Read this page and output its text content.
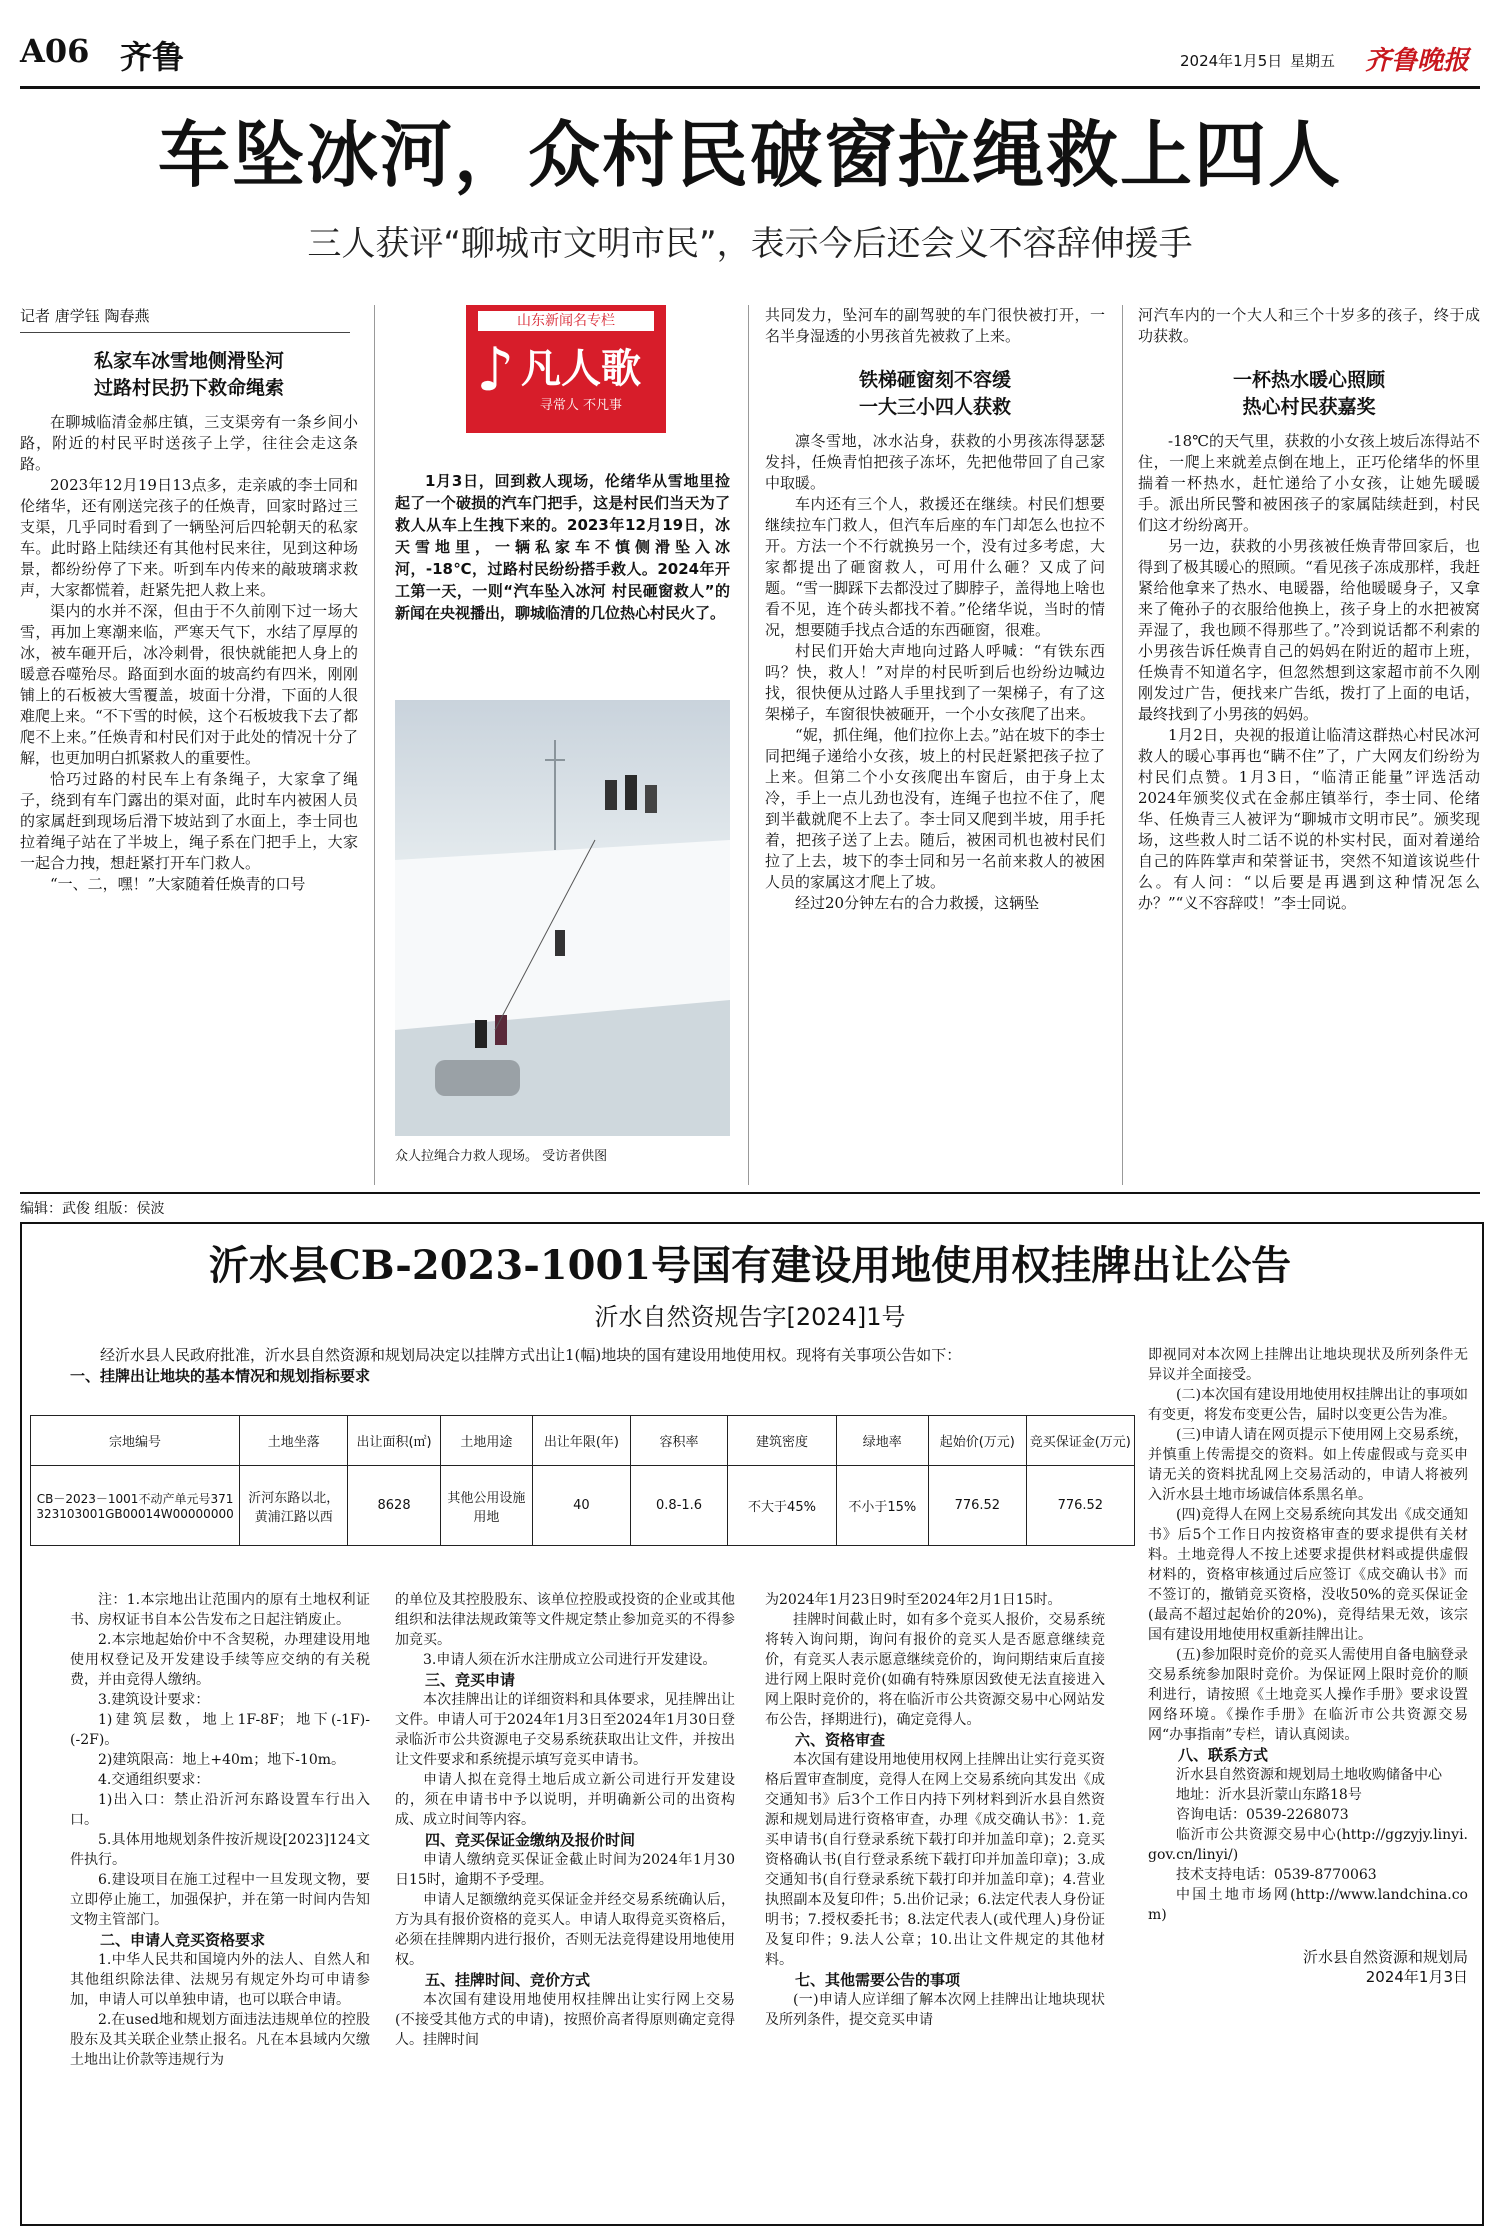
A06 齐鲁	2024年1月5日 星期五 齐鲁晚报
车坠冰河，众村民破窗拉绳救上四人
三人获评“聊城市文明市民”，表示今后还会义不容辞伸援手
记者 唐学钰 陶春燕
私家车冰雪地侧滑坠河
过路村民扔下救命绳索

在聊城临清金郝庄镇，三支渠旁有一条乡间小路，附近的村民平时送孩子上学，往往会走这条路。

2023年12月19日13点多，走亲戚的李士同和伦绪华，还有刚送完孩子的任焕青，回家时路过三支渠，几乎同时看到了一辆坠河后四轮朝天的私家车。此时路上陆续还有其他村民来往，见到这种场景，都纷纷停了下来。听到车内传来的敲玻璃求救声，大家都慌着，赶紧先把人救上来。

渠内的水并不深，但由于不久前刚下过一场大雪，再加上寒潮来临，严寒天气下，水结了厚厚的冰，被车砸开后，冰冷刺骨，很快就能把人身上的暖意吞噬殆尽。路面到水面的坡高约有四米，刚刚铺上的石板被大雪覆盖，坡面十分滑，下面的人很难爬上来。“不下雪的时候，这个石板坡我下去了都爬不上来。”任焕青和村民们对于此处的情况十分了解，也更加明白抓紧救人的重要性。

恰巧过路的村民车上有条绳子，大家拿了绳子，绕到有车门露出的渠对面，此时车内被困人员的家属赶到现场后滑下坡站到了水面上，李士同也拉着绳子站在了半坡上，绳子系在门把手上，大家一起合力拽，想赶紧打开车门救人。

“一、二，嘿！”大家随着任焕青的口号

山东新闻名专栏
♪ 凡人歌
寻常人 不凡事

1月3日，回到救人现场，伦绪华从雪地里捡起了一个破损的汽车门把手，这是村民们当天为了救人从车上生拽下来的。2023年12月19日，冰天雪地里，一辆私家车不慎侧滑坠入冰河，-18℃，过路村民纷纷搭手救人。2024年开工第一天，一则“汽车坠入冰河 村民砸窗救人”的新闻在央视播出，聊城临清的几位热心村民火了。

众人拉绳合力救人现场。 受访者供图

共同发力，坠河车的副驾驶的车门很快被打开，一名半身湿透的小男孩首先被救了上来。

铁梯砸窗刻不容缓
一大三小四人获救

凛冬雪地，冰水沾身，获救的小男孩冻得瑟瑟发抖，任焕青怕把孩子冻坏，先把他带回了自己家中取暖。

车内还有三个人，救援还在继续。村民们想要继续拉车门救人，但汽车后座的车门却怎么也拉不开。方法一个不行就换另一个，没有过多考虑，大家都提出了砸窗救人，可用什么砸？又成了问题。“雪一脚踩下去都没过了脚脖子，盖得地上啥也看不见，连个砖头都找不着。”伦绪华说，当时的情况，想要随手找点合适的东西砸窗，很难。

村民们开始大声地向过路人呼喊：“有铁东西吗？快，救人！”对岸的村民听到后也纷纷边喊边找，很快便从过路人手里找到了一架梯子，有了这架梯子，车窗很快被砸开，一个小女孩爬了出来。

“妮，抓住绳，他们拉你上去。”站在坡下的李士同把绳子递给小女孩，坡上的村民赶紧把孩子拉了上来。但第二个小女孩爬出车窗后，由于身上太冷，手上一点儿劲也没有，连绳子也拉不住了，爬到半截就爬不上去了。李士同又爬到半坡，用手托着，把孩子送了上去。随后，被困司机也被村民们拉了上去，坡下的李士同和另一名前来救人的被困人员的家属这才爬上了坡。

经过20分钟左右的合力救援，这辆坠

河汽车内的一个大人和三个十岁多的孩子，终于成功获救。

一杯热水暖心照顾
热心村民获嘉奖

-18℃的天气里，获救的小女孩上坡后冻得站不住，一爬上来就差点倒在地上，正巧伦绪华的怀里揣着一杯热水，赶忙递给了小女孩，让她先暖暖手。派出所民警和被困孩子的家属陆续赶到，村民们这才纷纷离开。

另一边，获救的小男孩被任焕青带回家后，也得到了极其暖心的照顾。“看见孩子冻成那样，我赶紧给他拿来了热水、电暖器，给他暖暖身子，又拿来了俺孙子的衣服给他换上，孩子身上的水把被窝弄湿了，我也顾不得那些了。”冷到说话都不利索的小男孩告诉任焕青自己的妈妈在附近的超市上班，任焕青不知道名字，但忽然想到这家超市前不久刚刚发过广告，便找来广告纸，拨打了上面的电话，最终找到了小男孩的妈妈。

1月2日，央视的报道让临清这群热心村民冰河救人的暖心事再也“瞒不住”了，广大网友们纷纷为村民们点赞。1月3日，“临清正能量”评选活动2024年颁奖仪式在金郝庄镇举行，李士同、伦绪华、任焕青三人被评为“聊城市文明市民”。颁奖现场，这些救人时二话不说的朴实村民，面对着递给自己的阵阵掌声和荣誉证书，突然不知道该说些什么。有人问：“以后要是再遇到这种情况怎么办？”“义不容辞哎！”李士同说。

编辑：武俊 组版：侯波
沂水县CB-2023-1001号国有建设用地使用权挂牌出让公告
沂水自然资规告字[2024]1号

经沂水县人民政府批准，沂水县自然资源和规划局决定以挂牌方式出让1(幅)地块的国有建设用地使用权。现将有关事项公告如下：

一、挂牌出让地块的基本情况和规划指标要求
宗地编号	土地坐落	出让面积(㎡)	土地用途	出让年限(年)	容积率	建筑密度	绿地率	起始价(万元)	竞买保证金(万元)
CB－2023－1001不动产单元号371323103001GB00014W00000000	沂河东路以北，黄浦江路以西	8628	其他公用设施用地	40	0.8-1.6	不大于45%	不小于15%	776.52	776.52

即视同对本次网上挂牌出让地块现状及所列条件无异议并全面接受。

(二)本次国有建设用地使用权挂牌出让的事项如有变更，将发布变更公告，届时以变更公告为准。

(三)申请人请在网页提示下使用网上交易系统，并慎重上传需提交的资料。如上传虚假或与竞买申请无关的资料扰乱网上交易活动的，申请人将被列入沂水县土地市场诚信体系黑名单。

(四)竞得人在网上交易系统向其发出《成交通知书》后5个工作日内按资格审查的要求提供有关材料。土地竞得人不按上述要求提供材料或提供虚假材料的，资格审核通过后应签订《成交确认书》而不签订的，撤销竞买资格，没收50%的竞买保证金(最高不超过起始价的20%)，竞得结果无效，该宗国有建设用地使用权重新挂牌出让。

(五)参加限时竞价的竞买人需使用自备电脑登录交易系统参加限时竞价。为保证网上限时竞价的顺利进行，请按照《土地竞买人操作手册》要求设置网络环境。《操作手册》在临沂市公共资源交易网“办事指南”专栏，请认真阅读。

八、联系方式

沂水县自然资源和规划局土地收购储备中心

地址：沂水县沂蒙山东路18号

咨询电话：0539-2268073

临沂市公共资源交易中心(http://ggzyjy.linyi.gov.cn/linyi/)

技术支持电话：0539-8770063

中国土地市场网(http://www.landchina.com)

沂水县自然资源和规划局
2024年1月3日

注：1.本宗地出让范围内的原有土地权利证书、房权证书自本公告发布之日起注销废止。

2.本宗地起始价中不含契税，办理建设用地使用权登记及开发建设手续等应交纳的有关税费，并由竞得人缴纳。

3.建筑设计要求：

1)建筑层数，地上1F-8F；地下(-1F)-(-2F)。

2)建筑限高：地上+40m；地下-10m。

4.交通组织要求：

1)出入口：禁止沿沂河东路设置车行出入口。

5.具体用地规划条件按沂规设[2023]124文件执行。

6.建设项目在施工过程中一旦发现文物，要立即停止施工，加强保护，并在第一时间内告知文物主管部门。

二、申请人竞买资格要求

1.中华人民共和国境内外的法人、自然人和其他组织除法律、法规另有规定外均可申请参加，申请人可以单独申请，也可以联合申请。

2.在used地和规划方面违法违规单位的控股股东及其关联企业禁止报名。凡在本县域内欠缴土地出让价款等违规行为

的单位及其控股股东、该单位控股或投资的企业或其他组织和法律法规政策等文件规定禁止参加竞买的不得参加竞买。

3.申请人须在沂水注册成立公司进行开发建设。

三、竞买申请

本次挂牌出让的详细资料和具体要求，见挂牌出让文件。申请人可于2024年1月3日至2024年1月30日登录临沂市公共资源电子交易系统获取出让文件，并按出让文件要求和系统提示填写竞买申请书。

申请人拟在竞得土地后成立新公司进行开发建设的，须在申请书中予以说明，并明确新公司的出资构成、成立时间等内容。

四、竞买保证金缴纳及报价时间

申请人缴纳竞买保证金截止时间为2024年1月30日15时，逾期不予受理。

申请人足额缴纳竞买保证金并经交易系统确认后，方为具有报价资格的竞买人。申请人取得竞买资格后，必须在挂牌期内进行报价，否则无法竞得建设用地使用权。

五、挂牌时间、竞价方式

本次国有建设用地使用权挂牌出让实行网上交易(不接受其他方式的申请)，按照价高者得原则确定竞得人。挂牌时间

为2024年1月23日9时至2024年2月1日15时。

挂牌时间截止时，如有多个竞买人报价，交易系统将转入询问期，询问有报价的竞买人是否愿意继续竞价，有竞买人表示愿意继续竞价的，询问期结束后直接进行网上限时竞价(如确有特殊原因致使无法直接进入网上限时竞价的，将在临沂市公共资源交易中心网站发布公告，择期进行)，确定竞得人。

六、资格审查

本次国有建设用地使用权网上挂牌出让实行竞买资格后置审查制度，竞得人在网上交易系统向其发出《成交通知书》后3个工作日内持下列材料到沂水县自然资源和规划局进行资格审查，办理《成交确认书》：1.竞买申请书(自行登录系统下载打印并加盖印章)；2.竞买资格确认书(自行登录系统下载打印并加盖印章)；3.成交通知书(自行登录系统下载打印并加盖印章)；4.营业执照副本及复印件；5.出价记录；6.法定代表人身份证明书；7.授权委托书；8.法定代表人(或代理人)身份证及复印件；9.法人公章；10.出让文件规定的其他材料。

七、其他需要公告的事项

(一)申请人应详细了解本次网上挂牌出让地块现状及所列条件，提交竞买申请
